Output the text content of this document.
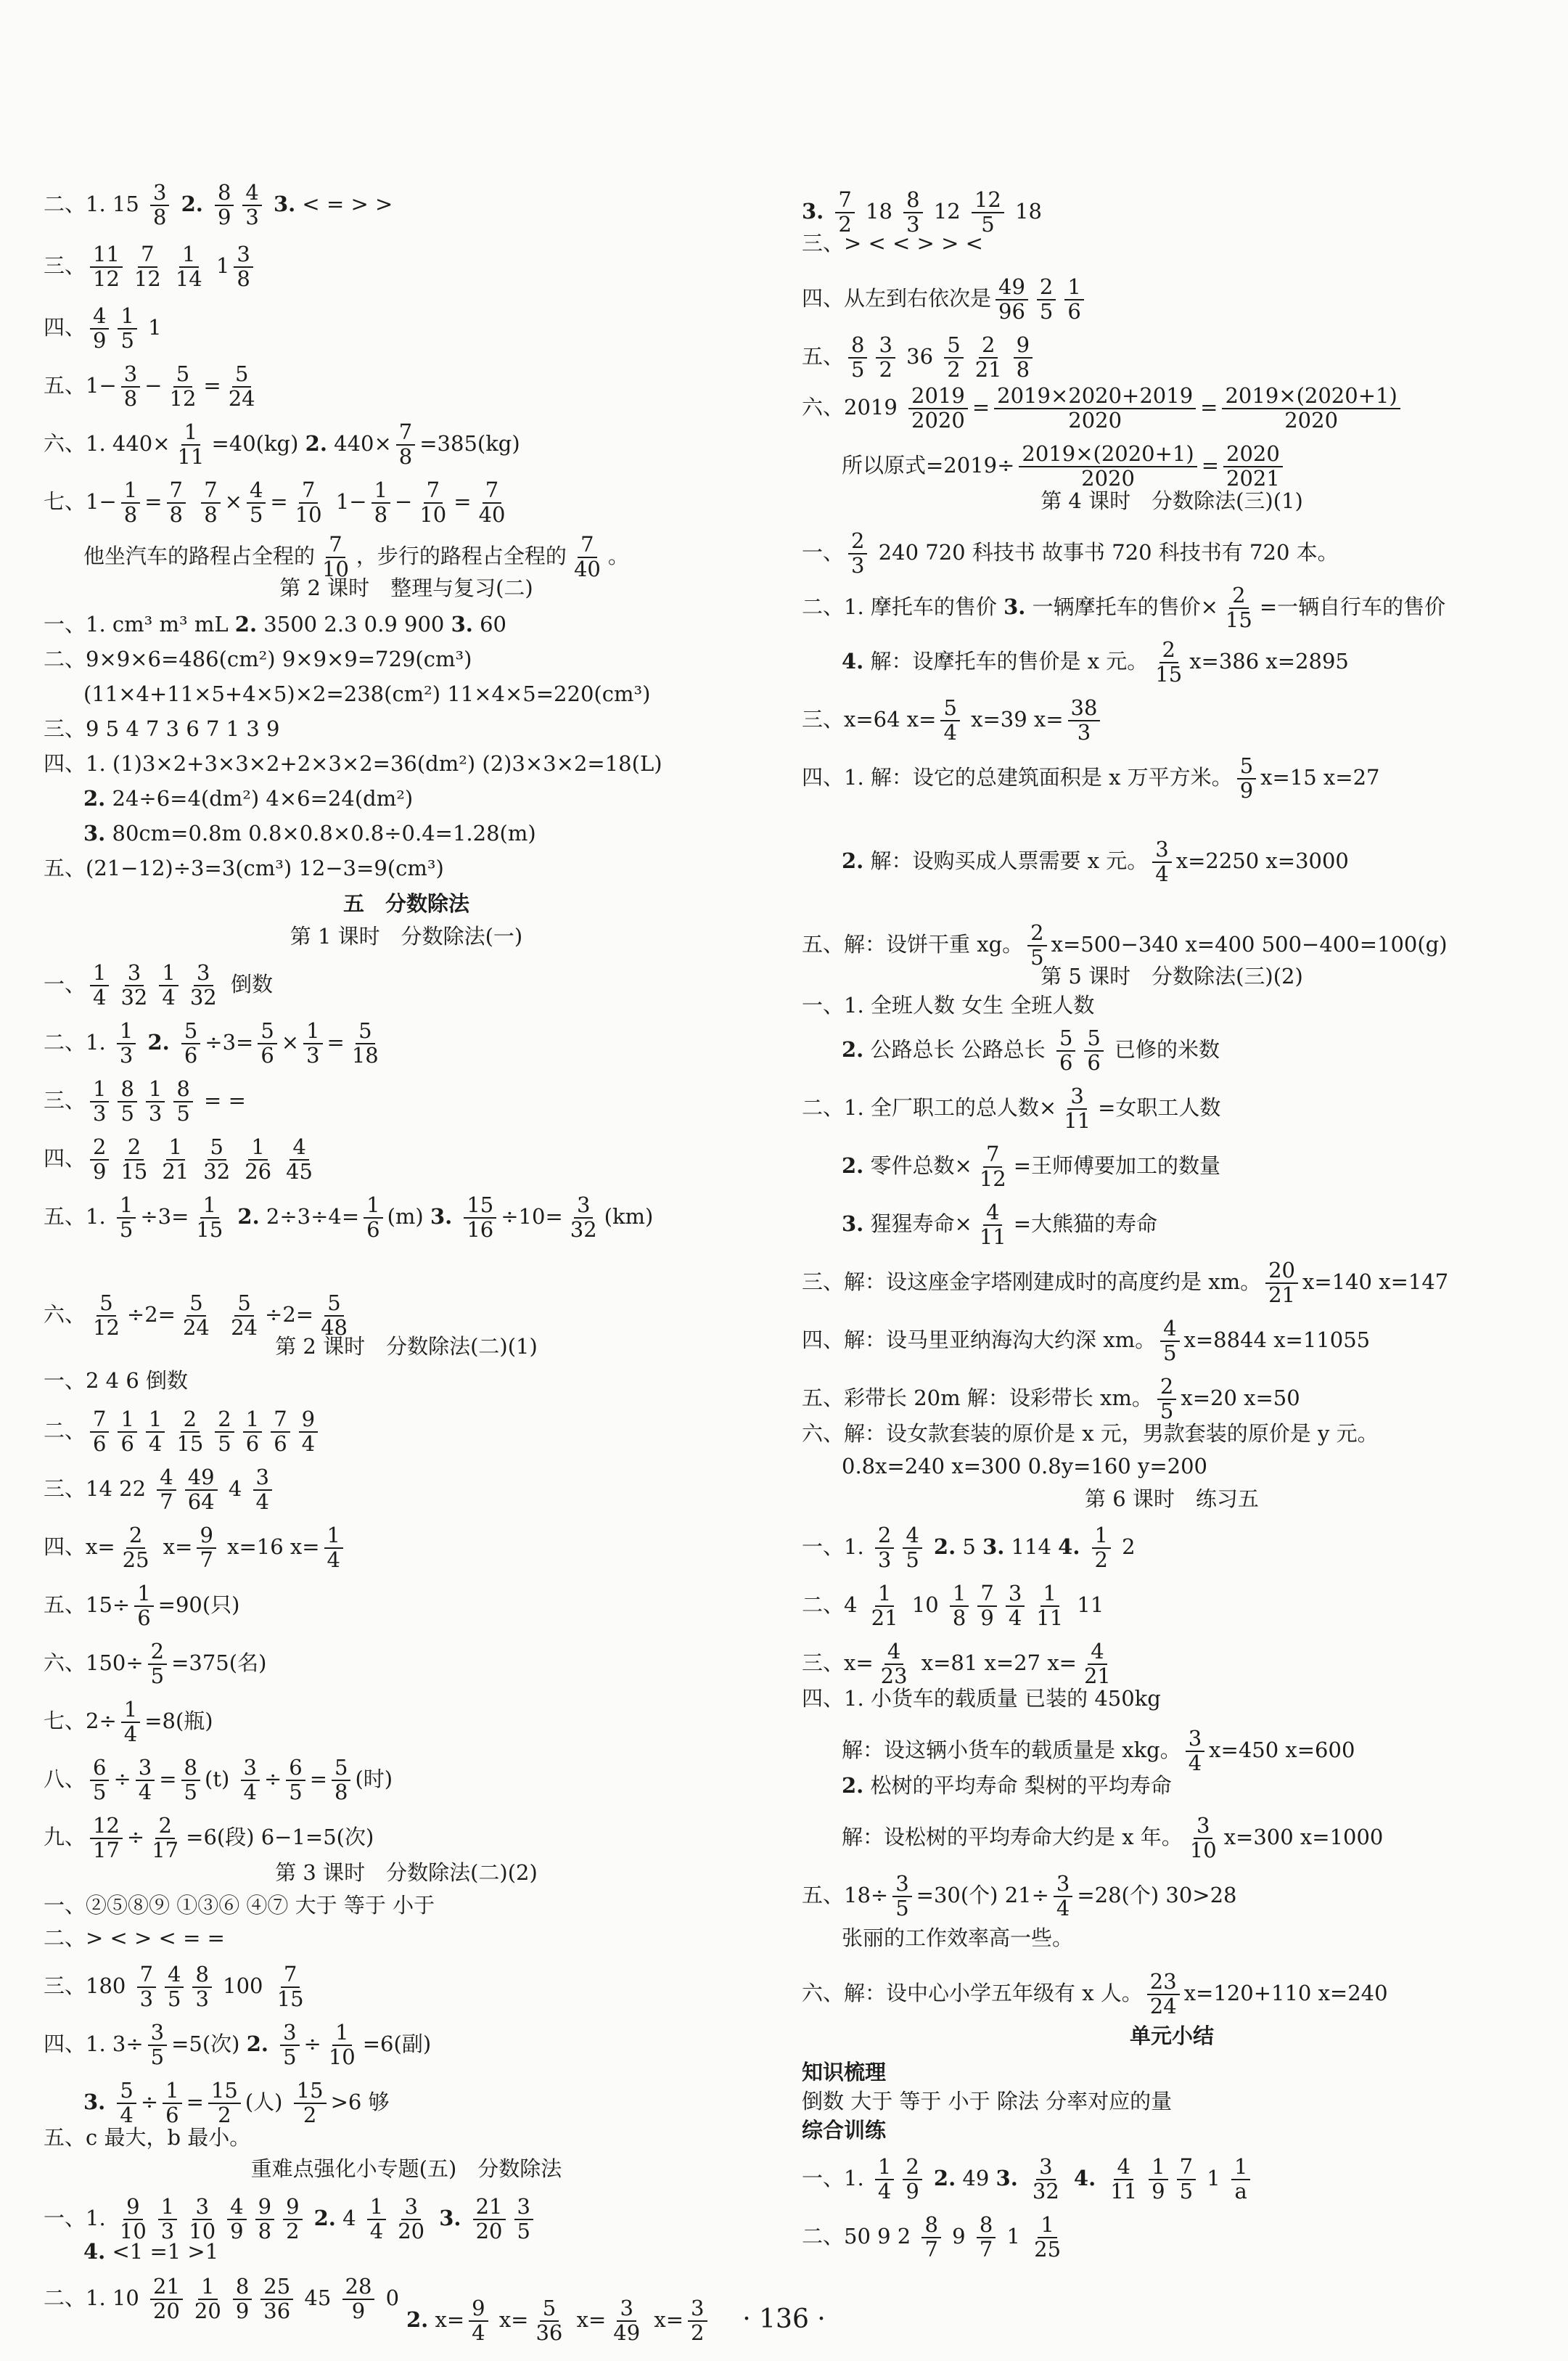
二、1. $15 \frac{3}{8} 2$. $\frac{8}{9} \frac{4}{3} 3$. < = > >
三、 $\frac{11}{12} \frac{7}{12} \frac{1}{14} 1 \frac{3}{8}$
四、 $\frac{4}{9} \frac{1}{5} 1$
五、$1- \frac{3}{8} - \frac{5}{12} = \frac{5}{24}$
六、1. $440\times \frac{1}{11} =40(kg)$ 2. $440\times \frac{7}{8} =385(kg)$
七、$1- \frac{1}{8} = \frac{7}{8}$
$\frac{7}{8} \times \frac{4}{5} = \frac{7}{10} 1- \frac{1}{8} - \frac{7}{10} = \frac{7}{40}$
他坐汽车的路程占全程的 $\frac{7}{10}$ ，步行的路程占全程的 $\frac{7}{40}$ 。
第 2 课时　整理与复习(二)
一、1. cm³ m³ mL 2. 3500 2.3 0.9 900 3. 60
二、9×9×6=486(cm²) 9×9×9=729(cm³)
(11×4+11×5+4×5)×2=238(cm²) 11×4×5=220(cm³)
三、9 5 4 7 3 6 7 1 3 9
四、1. (1)3×2+3×3×2+2×3×2=36(dm²) (2)3×3×2=18(L)
2. 24÷6=4(dm²) 4×6=24(dm²)
3. 80cm=0.8m 0.8×0.8×0.8÷0.4=1.28(m)
五、(21−12)÷3=3(cm³) 12−3=9(cm³)
五　分数除法
第 1 课时　分数除法(一)
一、 $\frac{1}{4} \frac{3}{32} \frac{1}{4} \frac{3}{32}$ 倒数
二、1. $\frac{1}{3} 2$. $\frac{5}{6} \div 3= \frac{5}{6} \times \frac{1}{3} = \frac{5}{18}$
三、 $\frac{1}{3} \frac{8}{5} \frac{1}{3} \frac{8}{5}$ = =
四、 $\frac{2}{9} \frac{2}{15} \frac{1}{21} \frac{5}{32} \frac{1}{26} \frac{4}{45}$
五、1. $\frac{1}{5} \div 3= \frac{1}{15} 2$. $2\div 3\div 4= \frac{1}{6} (m)$ 3. $\frac{15}{16} \div 10= \frac{3}{32} (km)$
六、 $\frac{5}{12} \div 2= \frac{5}{24}$
$\frac{5}{24} \div 2= \frac{5}{48}$
第 2 课时　分数除法(二)(1)
一、2 4 6 倒数
二、 $\frac{7}{6} \frac{1}{6} \frac{1}{4} \frac{2}{15} \frac{2}{5} \frac{1}{6} \frac{7}{6} \frac{9}{4}$
三、14 $22 \frac{4}{7} \frac{49}{64} 4 \frac{3}{4}$
四、$x= \frac{2}{25} x= \frac{9}{7} x=16$ $x= \frac{1}{4}$
五、$15\div \frac{1}{6} =90$(只)
六、$150\div \frac{2}{5} =375$(名)
七、$2\div \frac{1}{4} =8$(瓶)
八、 $\frac{6}{5} \div \frac{3}{4} = \frac{8}{5} (t) \frac{3}{4} \div \frac{6}{5} = \frac{5}{8}$ (时)
九、 $\frac{12}{17} \div \frac{2}{17} =6$(段) 6−1=5(次)
第 3 课时　分数除法(二)(2)
一、②⑤⑧⑨ ①③⑥ ④⑦ 大于 等于 小于
二、> < > < = =
三、$180 \frac{7}{3} \frac{4}{5} \frac{8}{3} 100 \frac{7}{15}$
四、1. $3\div \frac{3}{5} =5$(次) 2. $\frac{3}{5} \div \frac{1}{10} =6$(副)
3. $\frac{5}{4} \div \frac{1}{6} = \frac{15}{2}$ (人) $\frac{15}{2} >6$ 够
五、c 最大，b 最小。
重难点强化小专题(五)　分数除法
一、1. $\frac{9}{10} \frac{1}{3} \frac{3}{10} \frac{4}{9} \frac{9}{8} \frac{9}{2} 2$. $4 \frac{1}{4} \frac{3}{20} 3$. $\frac{21}{20} \frac{3}{5}$
4. <1 =1 >1
二、1. $10 \frac{21}{20} \frac{1}{20} \frac{8}{9} \frac{25}{36} 45 \frac{28}{9} 0$
2. $x= \frac{9}{4} x= \frac{5}{36} x= \frac{3}{49} x= \frac{3}{2}$
3. $\frac{7}{2} 18 \frac{8}{3} 12 \frac{12}{5} 18$
三、> < < > > <
四、从左到右依次是 $\frac{49}{96} \frac{2}{5} \frac{1}{6}$
五、 $\frac{8}{5} \frac{3}{2} 36 \frac{5}{2} \frac{2}{21} \frac{9}{8}$
六、$2019 \frac{2019}{2020} = \frac{2019\times 2020+2019}{2020} = \frac{2019\times(2020+1)}{2020}$
所以原式$=2019\div \frac{2019\times(2020+1)}{2020} = \frac{2020}{2021}$
第 4 课时　分数除法(三)(1)
一、 $\frac{2}{3} 240$ 720 科技书 故事书 720 科技书有 720 本。
二、1. 摩托车的售价 3. 一辆摩托车的售价× $\frac{2}{15}$ =一辆自行车的售价
4. 解：设摩托车的售价是 x 元。 $\frac{2}{15} x=386$ x=2895
三、x=64 $x= \frac{5}{4} x=39$ $x= \frac{38}{3}$
四、1. 解：设它的总建筑面积是 x 万平方米。 $\frac{5}{9} x=15$ x=27
2. 解：设购买成人票需要 x 元。 $\frac{3}{4} x=2250$ x=3000
五、解：设饼干重 xg。 $\frac{2}{5} x=500-340$ x=400 500−400=100(g)
第 5 课时　分数除法(三)(2)
一、1. 全班人数 女生 全班人数
2. 公路总长 公路总长 $\frac{5}{6} \frac{5}{6}$ 已修的米数
二、1. 全厂职工的总人数× $\frac{3}{11}$ =女职工人数
2. 零件总数× $\frac{7}{12}$ =王师傅要加工的数量
3. 猩猩寿命× $\frac{4}{11}$ =大熊猫的寿命
三、解：设这座金字塔刚建成时的高度约是 xm。 $\frac{20}{21} x=140$ x=147
四、解：设马里亚纳海沟大约深 xm。 $\frac{4}{5} x=8844$ x=11055
五、彩带长 20m 解：设彩带长 xm。 $\frac{2}{5} x=20$ x=50
六、解：设女款套装的原价是 x 元，男款套装的原价是 y 元。
0.8x=240 x=300 0.8y=160 y=200
第 6 课时　练习五
一、1. $\frac{2}{3} \frac{4}{5} 2$. 5 3. 114 4. $\frac{1}{2} 2$
二、$4 \frac{1}{21} 10 \frac{1}{8} \frac{7}{9} \frac{3}{4} \frac{1}{11} 11$
三、$x= \frac{4}{23} x=81$ x=27 $x= \frac{4}{21}$
四、1. 小货车的载质量 已装的 450kg
解：设这辆小货车的载质量是 xkg。 $\frac{3}{4} x=450$ x=600
2. 松树的平均寿命 梨树的平均寿命
解：设松树的平均寿命大约是 x 年。 $\frac{3}{10} x=300$ x=1000
五、$18\div \frac{3}{5} =30$(个) $21\div \frac{3}{4} =28$(个) 30>28
张丽的工作效率高一些。
六、解：设中心小学五年级有 x 人。 $\frac{23}{24} x=120+110$ x=240
单元小结
知识梳理
倒数 大于 等于 小于 除法 分率对应的量
综合训练
一、1. $\frac{1}{4} \frac{2}{9} 2$. 49 3. $\frac{3}{32} 4$. $\frac{4}{11} \frac{1}{9} \frac{7}{5} 1 \frac{1}{a}$
二、50 9 $2 \frac{8}{7} 9 \frac{8}{7} 1 \frac{1}{25}$
· 136 ·
